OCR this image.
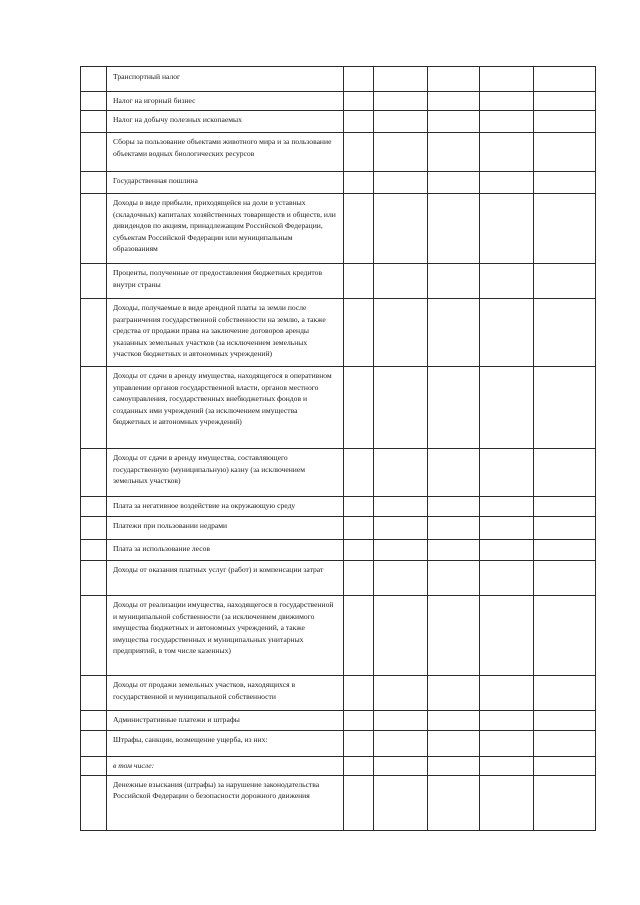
	Транспортный налог					
	Налог на игорный бизнес					
	Налог на добычу полезных ископаемых					
	Сборы за пользование объектами животного мира и за пользование объектами водных биологических ресурсов					
	Государственная пошлина					
	Доходы в виде прибыли, приходящейся на доли в уставных (складочных) капиталах хозяйственных товариществ и обществ, или дивидендов по акциям, принадлежащим Российской Федерации, субъектам Российской Федерации или муниципальным образованиям					
	Проценты, полученные от предоставления бюджетных кредитов внутри страны					
	Доходы, получаемые в виде арендной платы за земли после разграничения государственной собственности на землю, а также средства от продажи права на заключение договоров аренды указанных земельных участков (за исключением земельных участков бюджетных и автономных учреждений)					
	Доходы от сдачи в аренду имущества, находящегося в оперативном управлении органов государственной власти, органов местного самоуправления, государственных внебюджетных фондов и созданных ими учреждений (за исключением имущества бюджетных и автономных учреждений)					
	Доходы от сдачи в аренду имущества, составляющего государственную (муниципальную) казну (за исключением земельных участков)					
	Плата за негативное воздействие на окружающую среду					
	Платежи при пользовании недрами					
	Плата за использование лесов					
	Доходы от оказания платных услуг (работ) и компенсации затрат					
	Доходы от реализации имущества, находящегося в государственной и муниципальной собственности (за исключением движимого имущества бюджетных и автономных учреждений, а также имущества государственных и муниципальных унитарных предприятий, в том числе казенных)					
	Доходы от продажи земельных участков, находящихся в государственной и муниципальной собственности					
	Административные платежи и штрафы					
	Штрафы, санкции, возмещение ущерба, из них:					
	в том числе:					
	Денежные взыскания (штрафы) за нарушение законодательства Российской Федерации о безопасности дорожного движения					
